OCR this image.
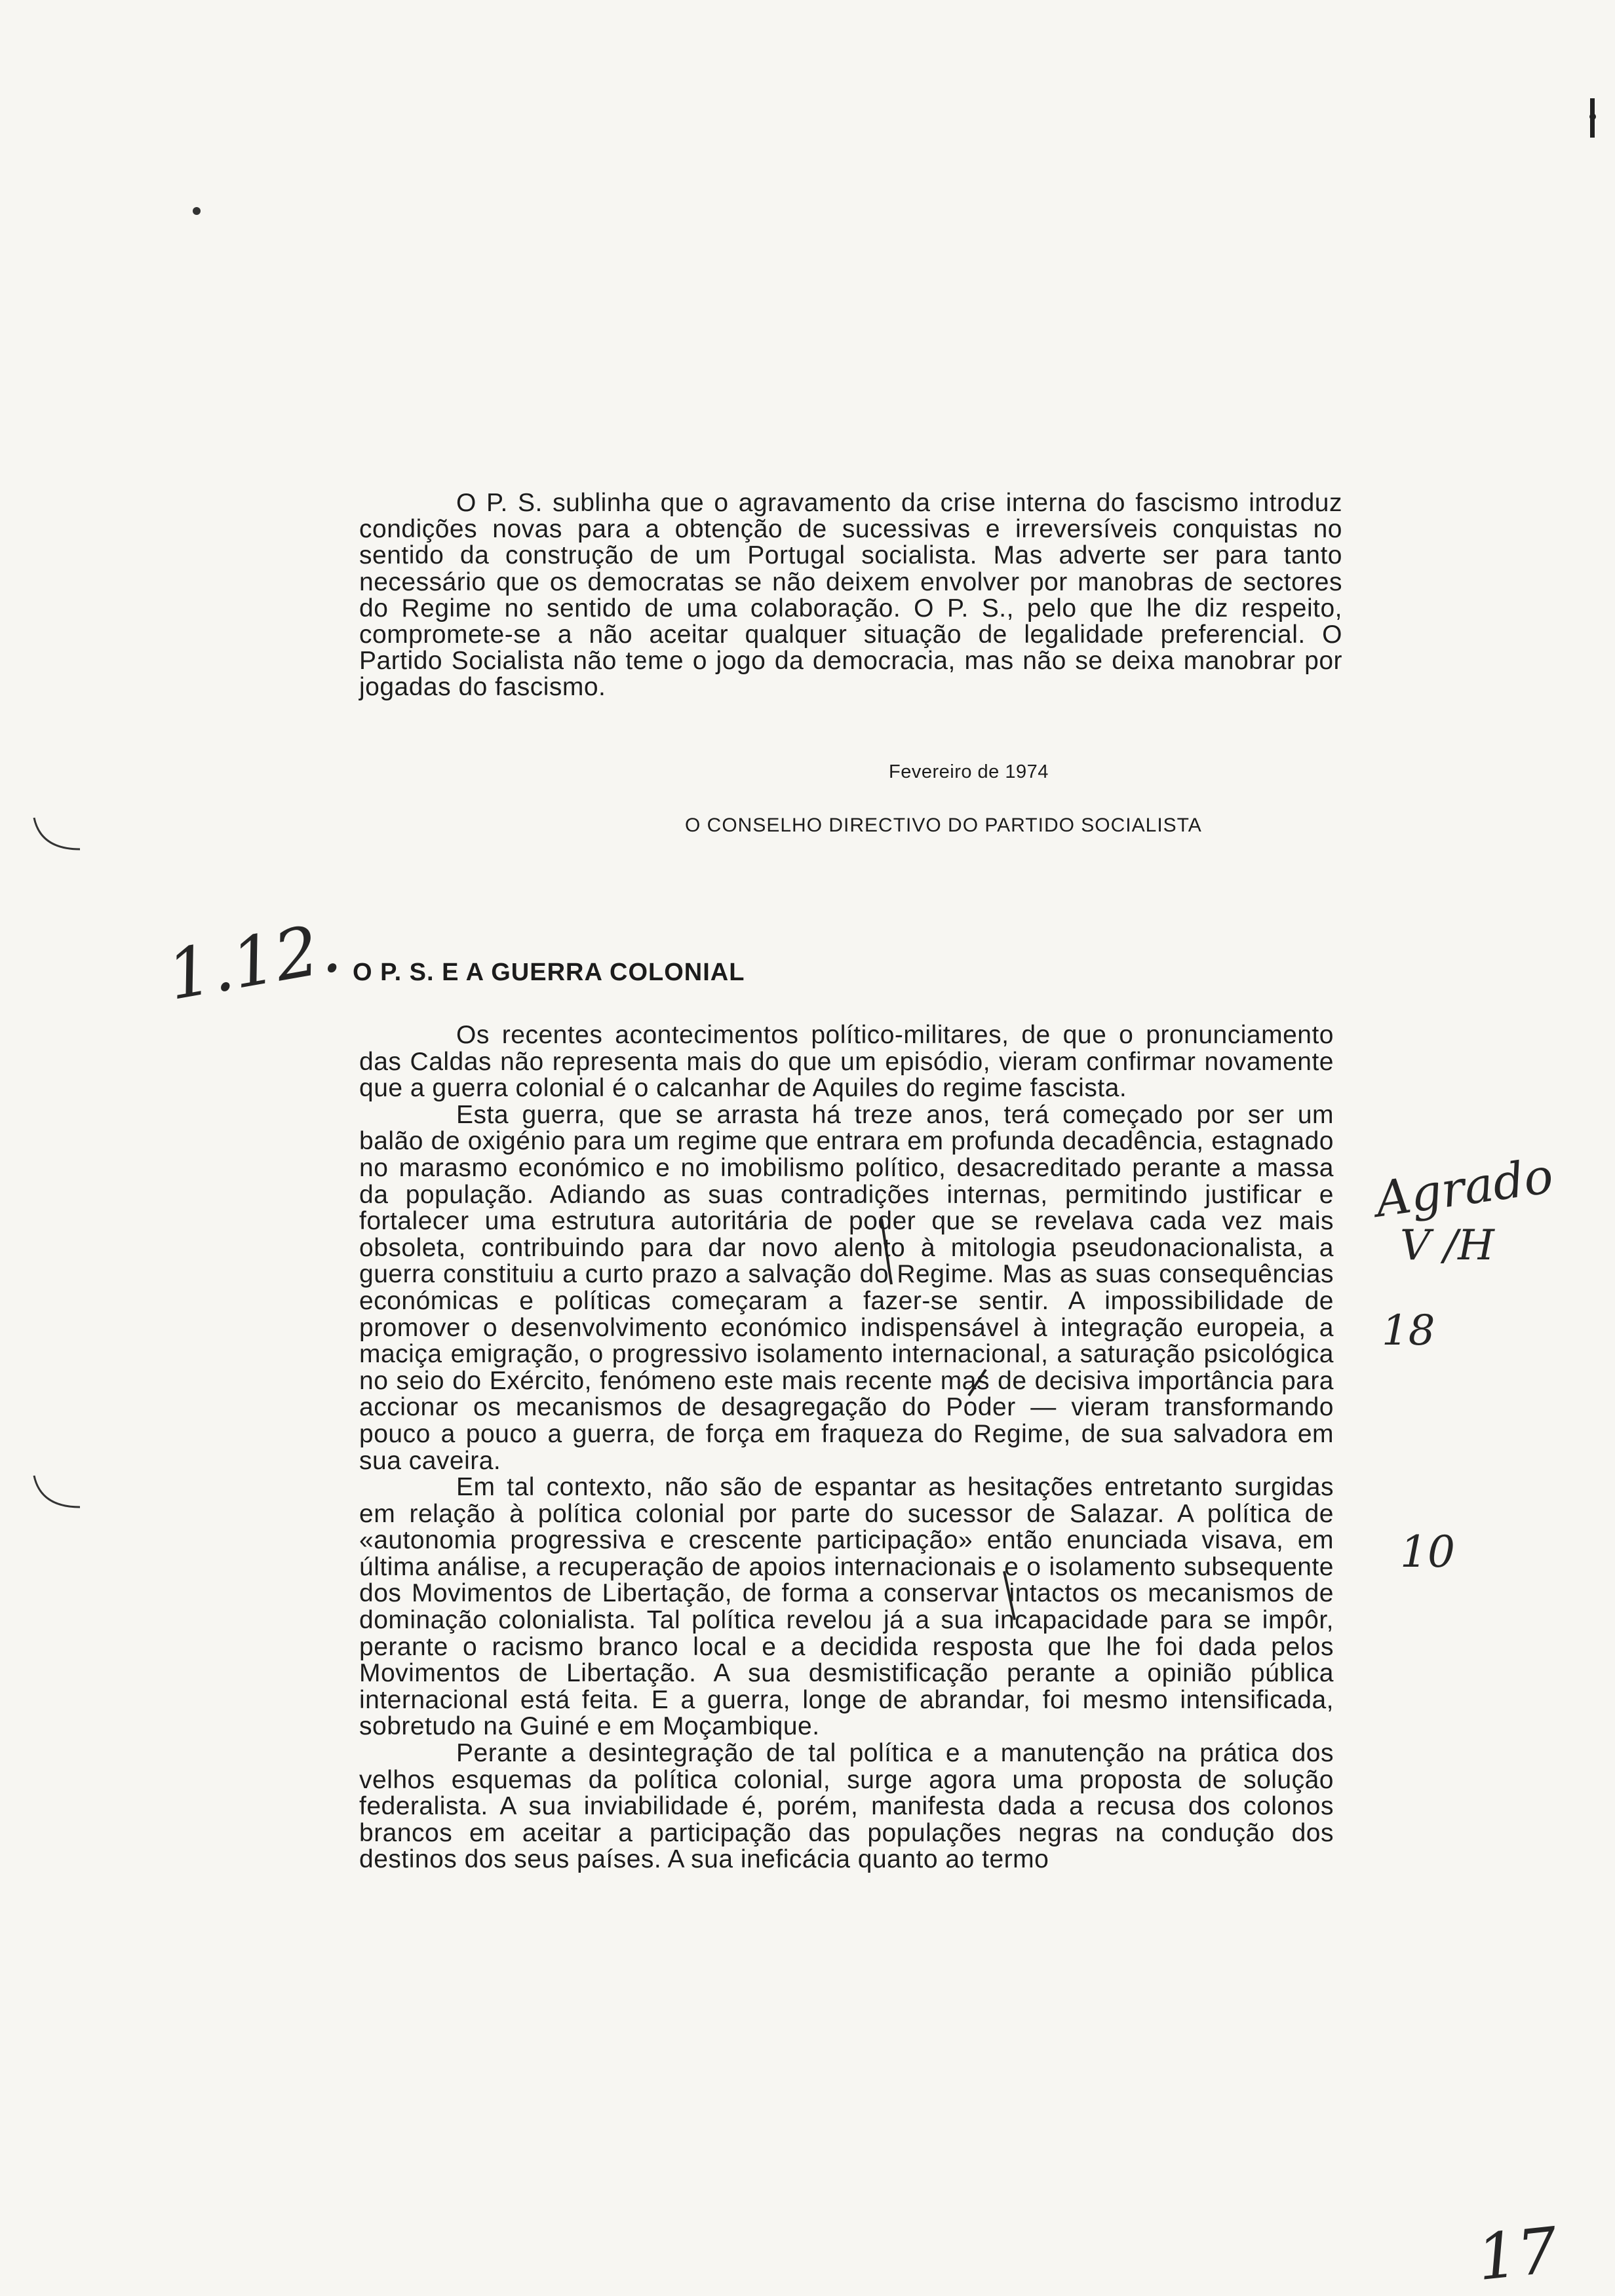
O P. S. sublinha que o agravamento da crise interna do fascismo introduz condições novas para a obtenção de sucessivas e irreversíveis conquistas no sentido da construção de um Portugal socialista. Mas adverte ser para tanto necessário que os democratas se não deixem envolver por manobras de sectores do Regime no sentido de uma colaboração. O P. S., pelo que lhe diz respeito, compromete-se a não aceitar qualquer situação de legalidade preferencial. O Partido Socialista não teme o jogo da democracia, mas não se deixa manobrar por jogadas do fascismo.

Fevereiro de 1974

O CONSELHO DIRECTIVO DO PARTIDO SOCIALISTA

O P. S. E A GUERRA COLONIAL

Os recentes acontecimentos político-militares, de que o pronunciamento das Caldas não representa mais do que um episódio, vieram confirmar novamente que a guerra colonial é o calcanhar de Aquiles do regime fascista.

Esta guerra, que se arrasta há treze anos, terá começado por ser um balão de oxigénio para um regime que entrara em profunda decadência, estagnado no marasmo económico e no imobilismo político, desacreditado perante a massa da população. Adiando as suas contradições internas, permitindo justificar e fortalecer uma estrutura autoritária de poder que se revelava cada vez mais obsoleta, contribuindo para dar novo alento à mitologia pseudonacionalista, a guerra constituiu a curto prazo a salvação do Regime. Mas as suas consequências económicas e políticas começaram a fazer-se sentir. A impossibilidade de promover o desenvolvimento económico indispensável à integração europeia, a maciça emigração, o progressivo isolamento internacional, a saturação psicológica no seio do Exército, fenómeno este mais recente mas de decisiva importância para accionar os mecanismos de desagregação do Poder — vieram transformando pouco a pouco a guerra, de força em fraqueza do Regime, de sua salvadora em sua caveira.

Em tal contexto, não são de espantar as hesitações entretanto surgidas em relação à política colonial por parte do sucessor de Salazar. A política de «autonomia progressiva e crescente participação» então enunciada visava, em última análise, a recuperação de apoios internacionais e o isolamento subsequente dos Movimentos de Libertação, de forma a conservar intactos os mecanismos de dominação colonialista. Tal política revelou já a sua incapacidade para se impôr, perante o racismo branco local e a decidida resposta que lhe foi dada pelos Movimentos de Libertação. A sua desmistificação perante a opinião pública internacional está feita. E a guerra, longe de abrandar, foi mesmo intensificada, sobretudo na Guiné e em Moçambique.

Perante a desintegração de tal política e a manutenção na prática dos velhos esquemas da política colonial, surge agora uma proposta de solução federalista. A sua inviabilidade é, porém, manifesta dada a recusa dos colonos brancos em aceitar a participação das populações negras na condução dos destinos dos seus países. A sua ineficácia quanto ao termo

1.12.

Agrado

V /H

18

10

17
